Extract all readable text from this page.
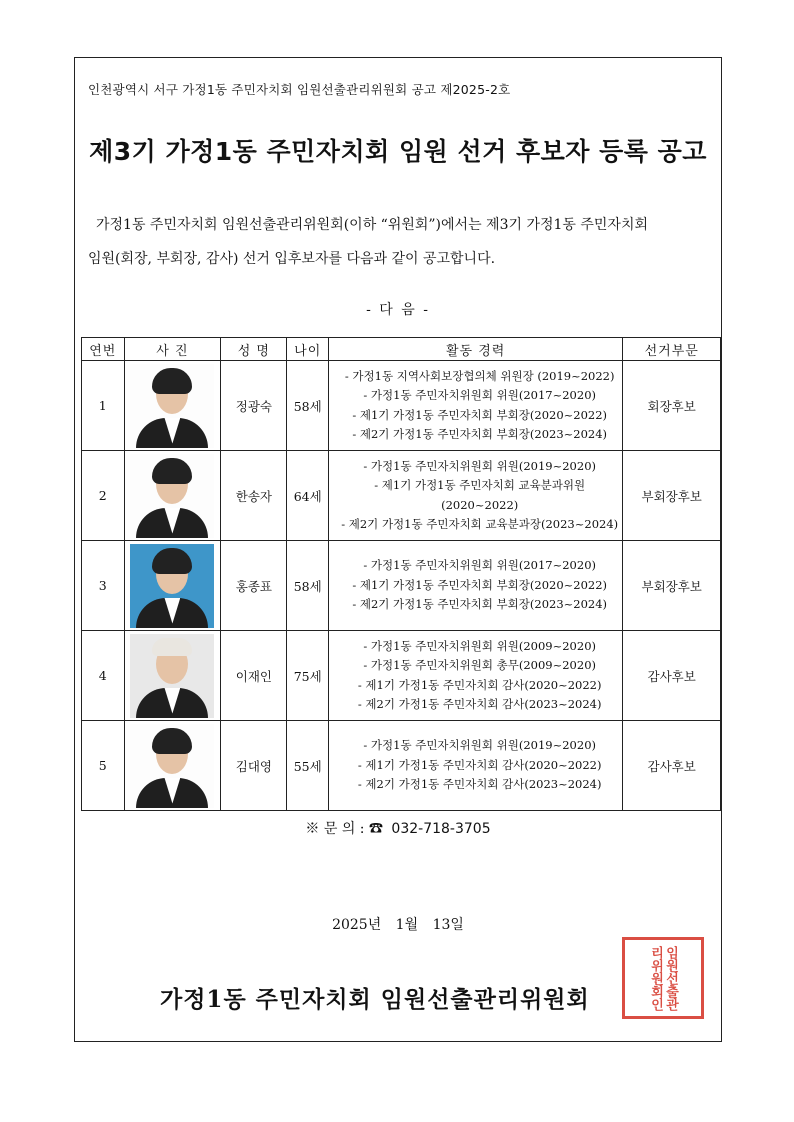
인천광역시 서구 가정1동 주민자치회 임원선출관리위원회 공고 제2025-2호
제3기 가정1동 주민자치회 임원 선거 후보자 등록 공고
가정1동 주민자치회 임원선출관리위원회(이하 “위원회”)에서는 제3기 가정1동 주민자치회
임원(회장, 부회장, 감사) 선거 입후보자를 다음과 같이 공고합니다.
- 다 음 -
연번	사 진	성 명	나이	활동 경력	선거부문
1		정광숙	58세	- 가정1동 지역사회보장협의체 위원장 (2019~2022)
- 가정1동 주민자치위원회 위원(2017~2020)
- 제1기 가정1동 주민자치회 부회장(2020~2022)
- 제2기 가정1동 주민자치회 부회장(2023~2024)	회장후보
2		한송자	64세	- 가정1동 주민자치위원회 위원(2019~2020)
- 제1기 가정1동 주민자치회 교육분과위원(2020~2022)
- 제2기 가정1동 주민자치회 교육분과장(2023~2024)	부회장후보
3		홍종표	58세	- 가정1동 주민자치위원회 위원(2017~2020)
- 제1기 가정1동 주민자치회 부회장(2020~2022)
- 제2기 가정1동 주민자치회 부회장(2023~2024)	부회장후보
4		이재인	75세	- 가정1동 주민자치위원회 위원(2009~2020)
- 가정1동 주민자치위원회 총무(2009~2020)
- 제1기 가정1동 주민자치회 감사(2020~2022)
- 제2기 가정1동 주민자치회 감사(2023~2024)	감사후보
5		김대영	55세	- 가정1동 주민자치위원회 위원(2019~2020)
- 제1기 가정1동 주민자치회 감사(2020~2022)
- 제2기 가정1동 주민자치회 감사(2023~2024)	감사후보
※ 문 의 : ☎ 032-718-3705
2025년 1월 13일
가정1동 주민자치회 임원선출관리위원회	임원선출관리위원회인
